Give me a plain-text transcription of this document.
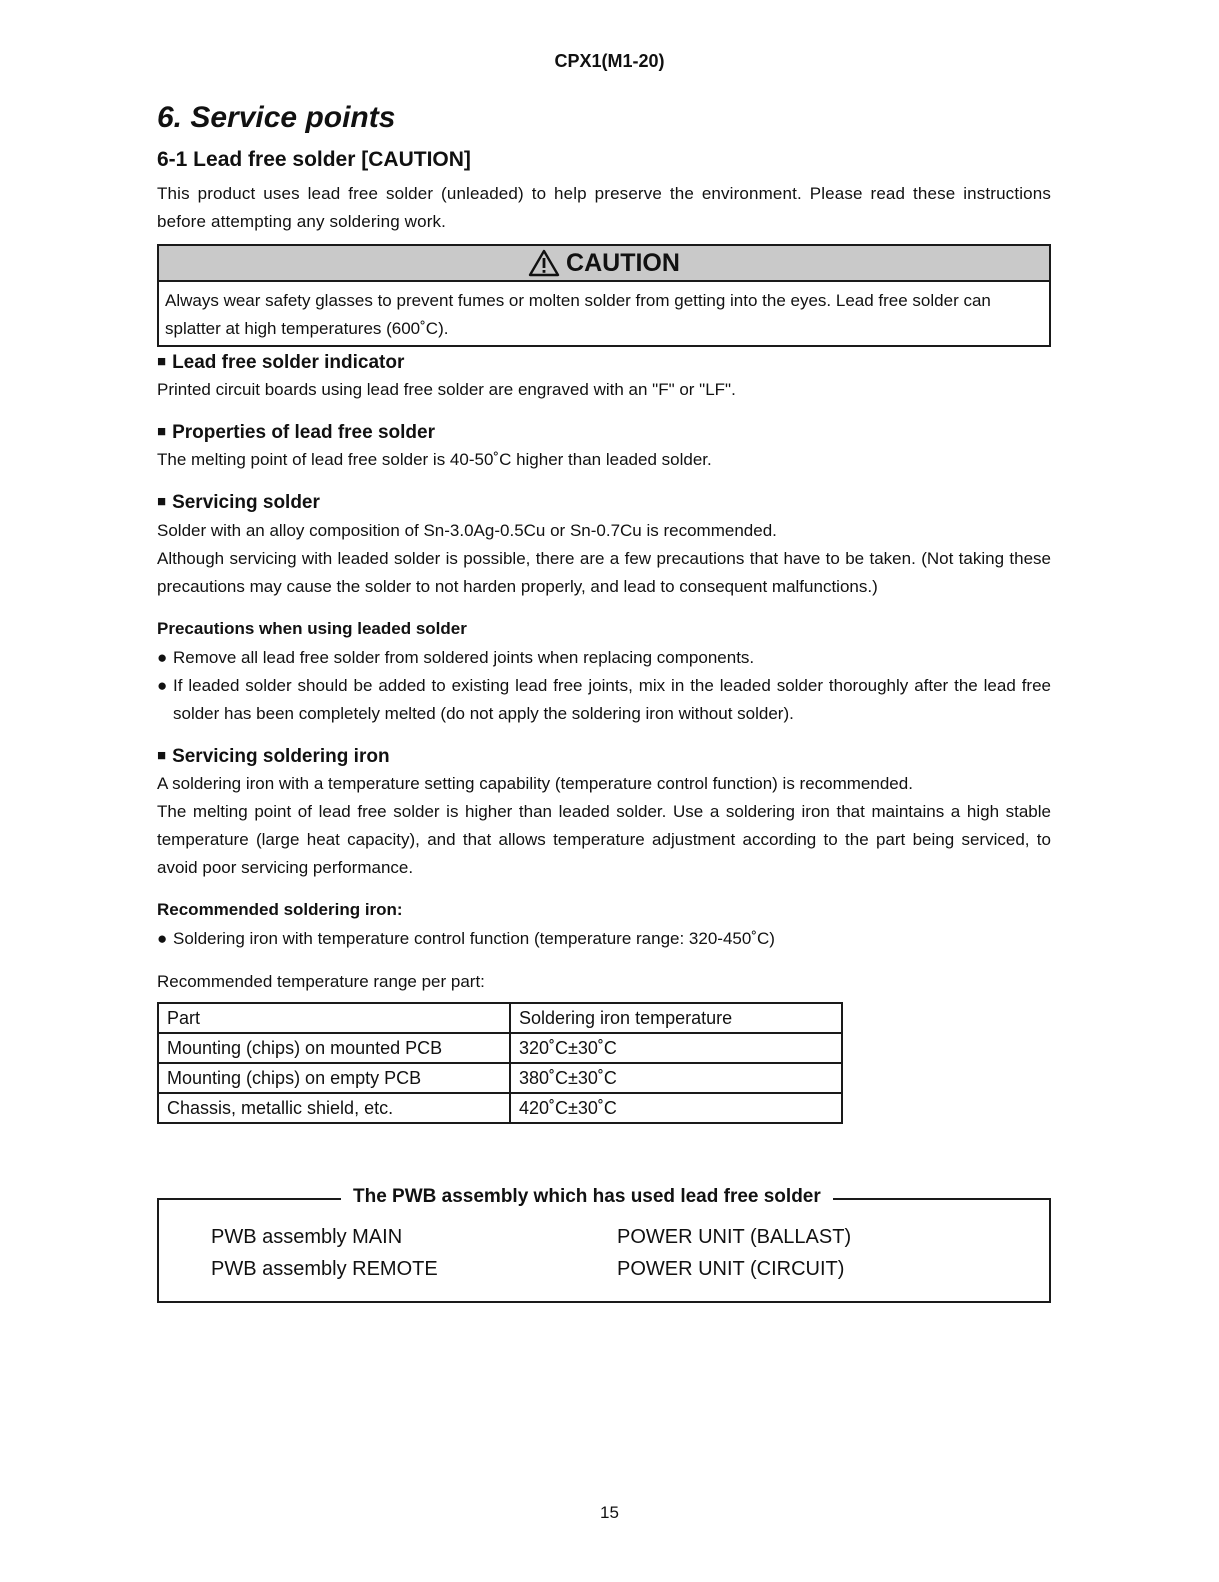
CPX1(M1-20)
6. Service points
6-1 Lead free solder [CAUTION]

This product uses lead free solder (unleaded) to help preserve the environment. Please read these instructions before attempting any soldering work.

CAUTION
Always wear safety glasses to prevent fumes or molten solder from getting into the eyes. Lead free solder can splatter at high temperatures (600˚C).
■ Lead free solder indicator

Printed circuit boards using lead free solder are engraved with an "F" or "LF".

■ Properties of lead free solder

The melting point of lead free solder is 40-50˚C higher than leaded solder.

■ Servicing solder

Solder with an alloy composition of Sn-3.0Ag-0.5Cu or Sn-0.7Cu is recommended.

Although servicing with leaded solder is possible, there are a few precautions that have to be taken. (Not taking these precautions may cause the solder to not harden properly, and lead to consequent malfunctions.)

Precautions when using leaded solder
● Remove all lead free solder from soldered joints when replacing components.
● If leaded solder should be added to existing lead free joints, mix in the leaded solder thoroughly after the lead free solder has been completely melted (do not apply the soldering iron without solder).
■ Servicing soldering iron

A soldering iron with a temperature setting capability (temperature control function) is recommended.

The melting point of lead free solder is higher than leaded solder. Use a soldering iron that maintains a high stable temperature (large heat capacity), and that allows temperature adjustment according to the part being serviced, to avoid poor servicing performance.

Recommended soldering iron:
● Soldering iron with temperature control function (temperature range: 320-450˚C)

Recommended temperature range per part:

Part	Soldering iron temperature
Mounting (chips) on mounted PCB	320˚C±30˚C
Mounting (chips) on empty PCB	380˚C±30˚C
Chassis, metallic shield, etc.	420˚C±30˚C
The PWB assembly which has used lead free solder
PWB assembly MAIN	POWER UNIT (BALLAST)
PWB assembly REMOTE	POWER UNIT (CIRCUIT)
15
